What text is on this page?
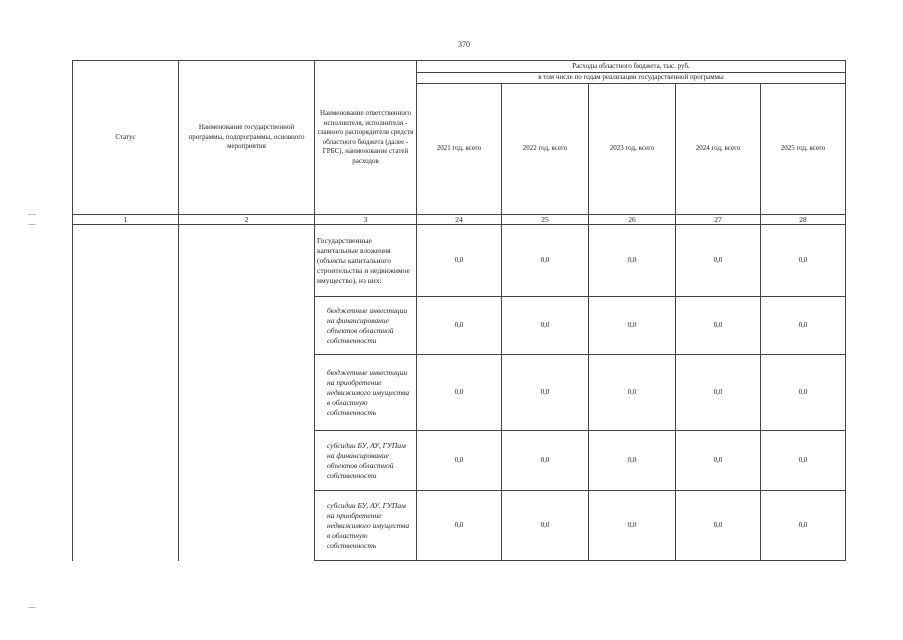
370
Статус	Наименование государственной программы, подпрограммы, основного мероприятия	Наименование ответственного исполнителя, исполнителя - главного распорядителя средств областного бюджета (далее - ГРБС), наименование статей расходов	Расходы областного бюджета, тыс. руб.				
			в том числе по годам реализации государственной программы				
			2021 год, всего	2022 год, всего	2023 год, всего	2024 год, всего	2025 год, всего
1	2	3	24	25	26	27	28
		Государственные капитальные вложения (объекты капитального строительства и недвижимое имущество), из них:	0,0	0,0	0,0	0,0	0,0
		бюджетные инвестиции на финансирование объектов областной собственности	0,0	0,0	0,0	0,0	0,0
		бюджетные инвестиции на приобретение недвижимого имущества в областную собственность	0,0	0,0	0,0	0,0	0,0
		субсидии БУ, АУ, ГУПам на финансирование объектов областной собственности	0,0	0,0	0,0	0,0	0,0
		субсидии БУ, АУ, ГУПам на приобретение недвижимого имущества в областную собственность	0,0	0,0	0,0	0,0	0,0
